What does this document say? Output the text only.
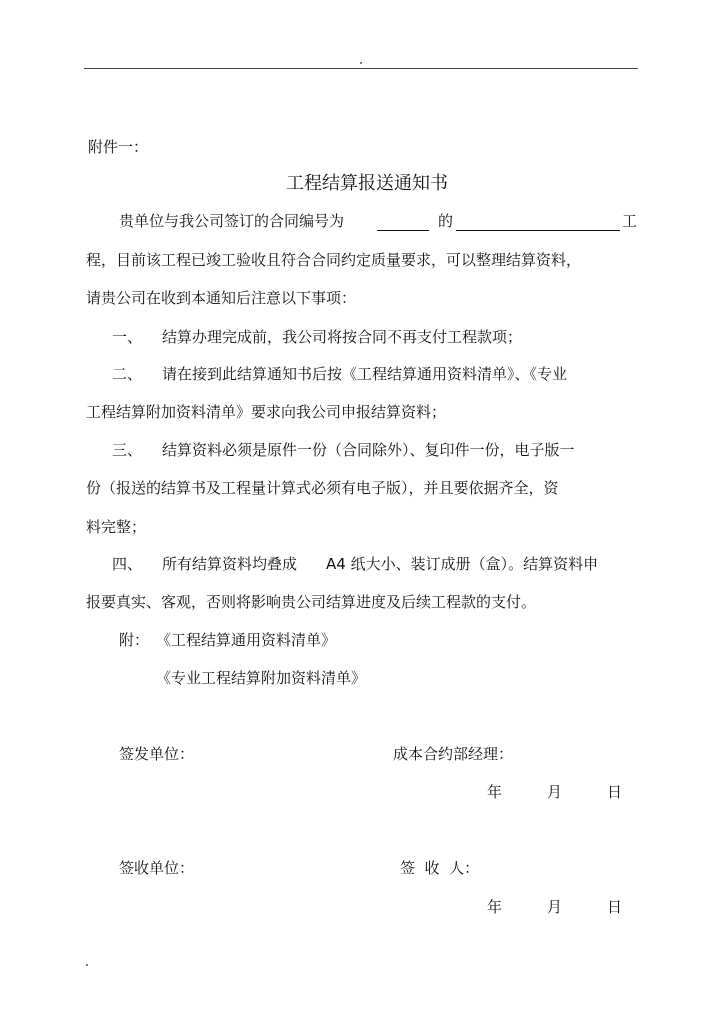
附件一：
工程结算报送通知书
贵单位与我公司签订的合同编号为	的	工
程，目前该工程已竣工验收且符合合同约定质量要求，可以整理结算资料，
请贵公司在收到本通知后注意以下事项：
一、 结算办理完成前，我公司将按合同不再支付工程款项；
二、 请在接到此结算通知书后按《工程结算通用资料清单》、《专业
工程结算附加资料清单》要求向我公司申报结算资料；
三、 结算资料必须是原件一份（合同除外）、复印件一份，电子版一
份（报送的结算书及工程量计算式必须有电子版），并且要依据齐全，资
料完整；
四、 所有结算资料均叠成 A4 纸大小、装订成册（盒）。结算资料申
报要真实、客观，否则将影响贵公司结算进度及后续工程款的支付。
附： 《工程结算通用资料清单》
《专业工程结算附加资料清单》
签发单位：	成本合约部经理：
年	月	日
签收单位：	签  收  人：
年	月	日
